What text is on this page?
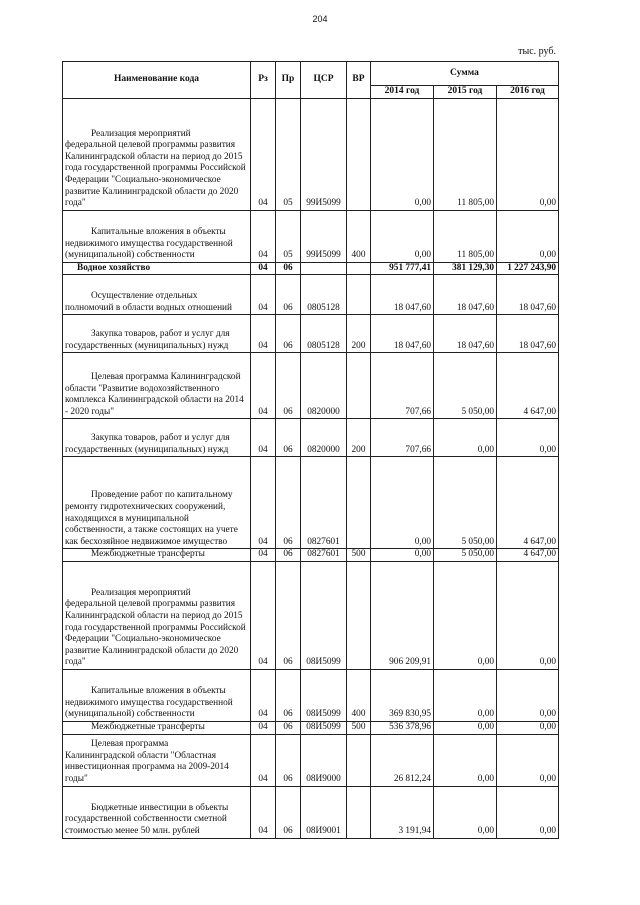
204
тыс. руб.
Наименование кода	Рз	Пр	ЦСР	ВР	Сумма		
					2014 год	2015 год	2016 год

Реализация мероприятий
федеральной целевой программы развития Калининградской области на период до 2015 года государственной программы Российской Федерации "Социально-экономическое развитие Калининградской области до 2020 года"	04	05	99И5099		0,00	11 805,00	0,00

Капитальные вложения в объекты
недвижимого имущества государственной (муниципальной) собственности	04	05	99И5099	400	0,00	11 805,00	0,00
Водное хозяйство	04	06			951 777,41	381 129,30	1 227 243,90

Осуществление отдельных
полномочий в области водных отношений	04	06	0805128		18 047,60	18 047,60	18 047,60

Закупка товаров, работ и услуг для
государственных (муниципальных) нужд	04	06	0805128	200	18 047,60	18 047,60	18 047,60

Целевая программа Калининградской
области "Развитие водохозяйственного комплекса Калининградской области на 2014 - 2020 годы"	04	06	0820000		707,66	5 050,00	4 647,00

Закупка товаров, работ и услуг для
государственных (муниципальных) нужд	04	06	0820000	200	707,66	0,00	0,00

Проведение работ по капитальному
ремонту гидротехнических сооружений, находящихся в муниципальной собственности, а также состоящих на учете как бесхозяйное недвижимое имущество	04	06	0827601		0,00	5 050,00	4 647,00

Межбюджетные трансферты	04	06	0827601	500	0,00	5 050,00	4 647,00

Реализация мероприятий
федеральной целевой программы развития Калининградской области на период до 2015 года государственной программы Российской Федерации "Социально-экономическое развитие Калининградской области до 2020 года"	04	06	08И5099		906 209,91	0,00	0,00

Капитальные вложения в объекты
недвижимого имущества государственной (муниципальной) собственности	04	06	08И5099	400	369 830,95	0,00	0,00

Межбюджетные трансферты	04	06	08И5099	500	536 378,96	0,00	0,00

Целевая программа
Калининградской области "Областная инвестиционная программа на 2009-2014 годы"	04	06	08И9000		26 812,24	0,00	0,00

Бюджетные инвестиции в объекты
государственной собственности сметной стоимостью менее 50 млн. рублей	04	06	08И9001		3 191,94	0,00	0,00
